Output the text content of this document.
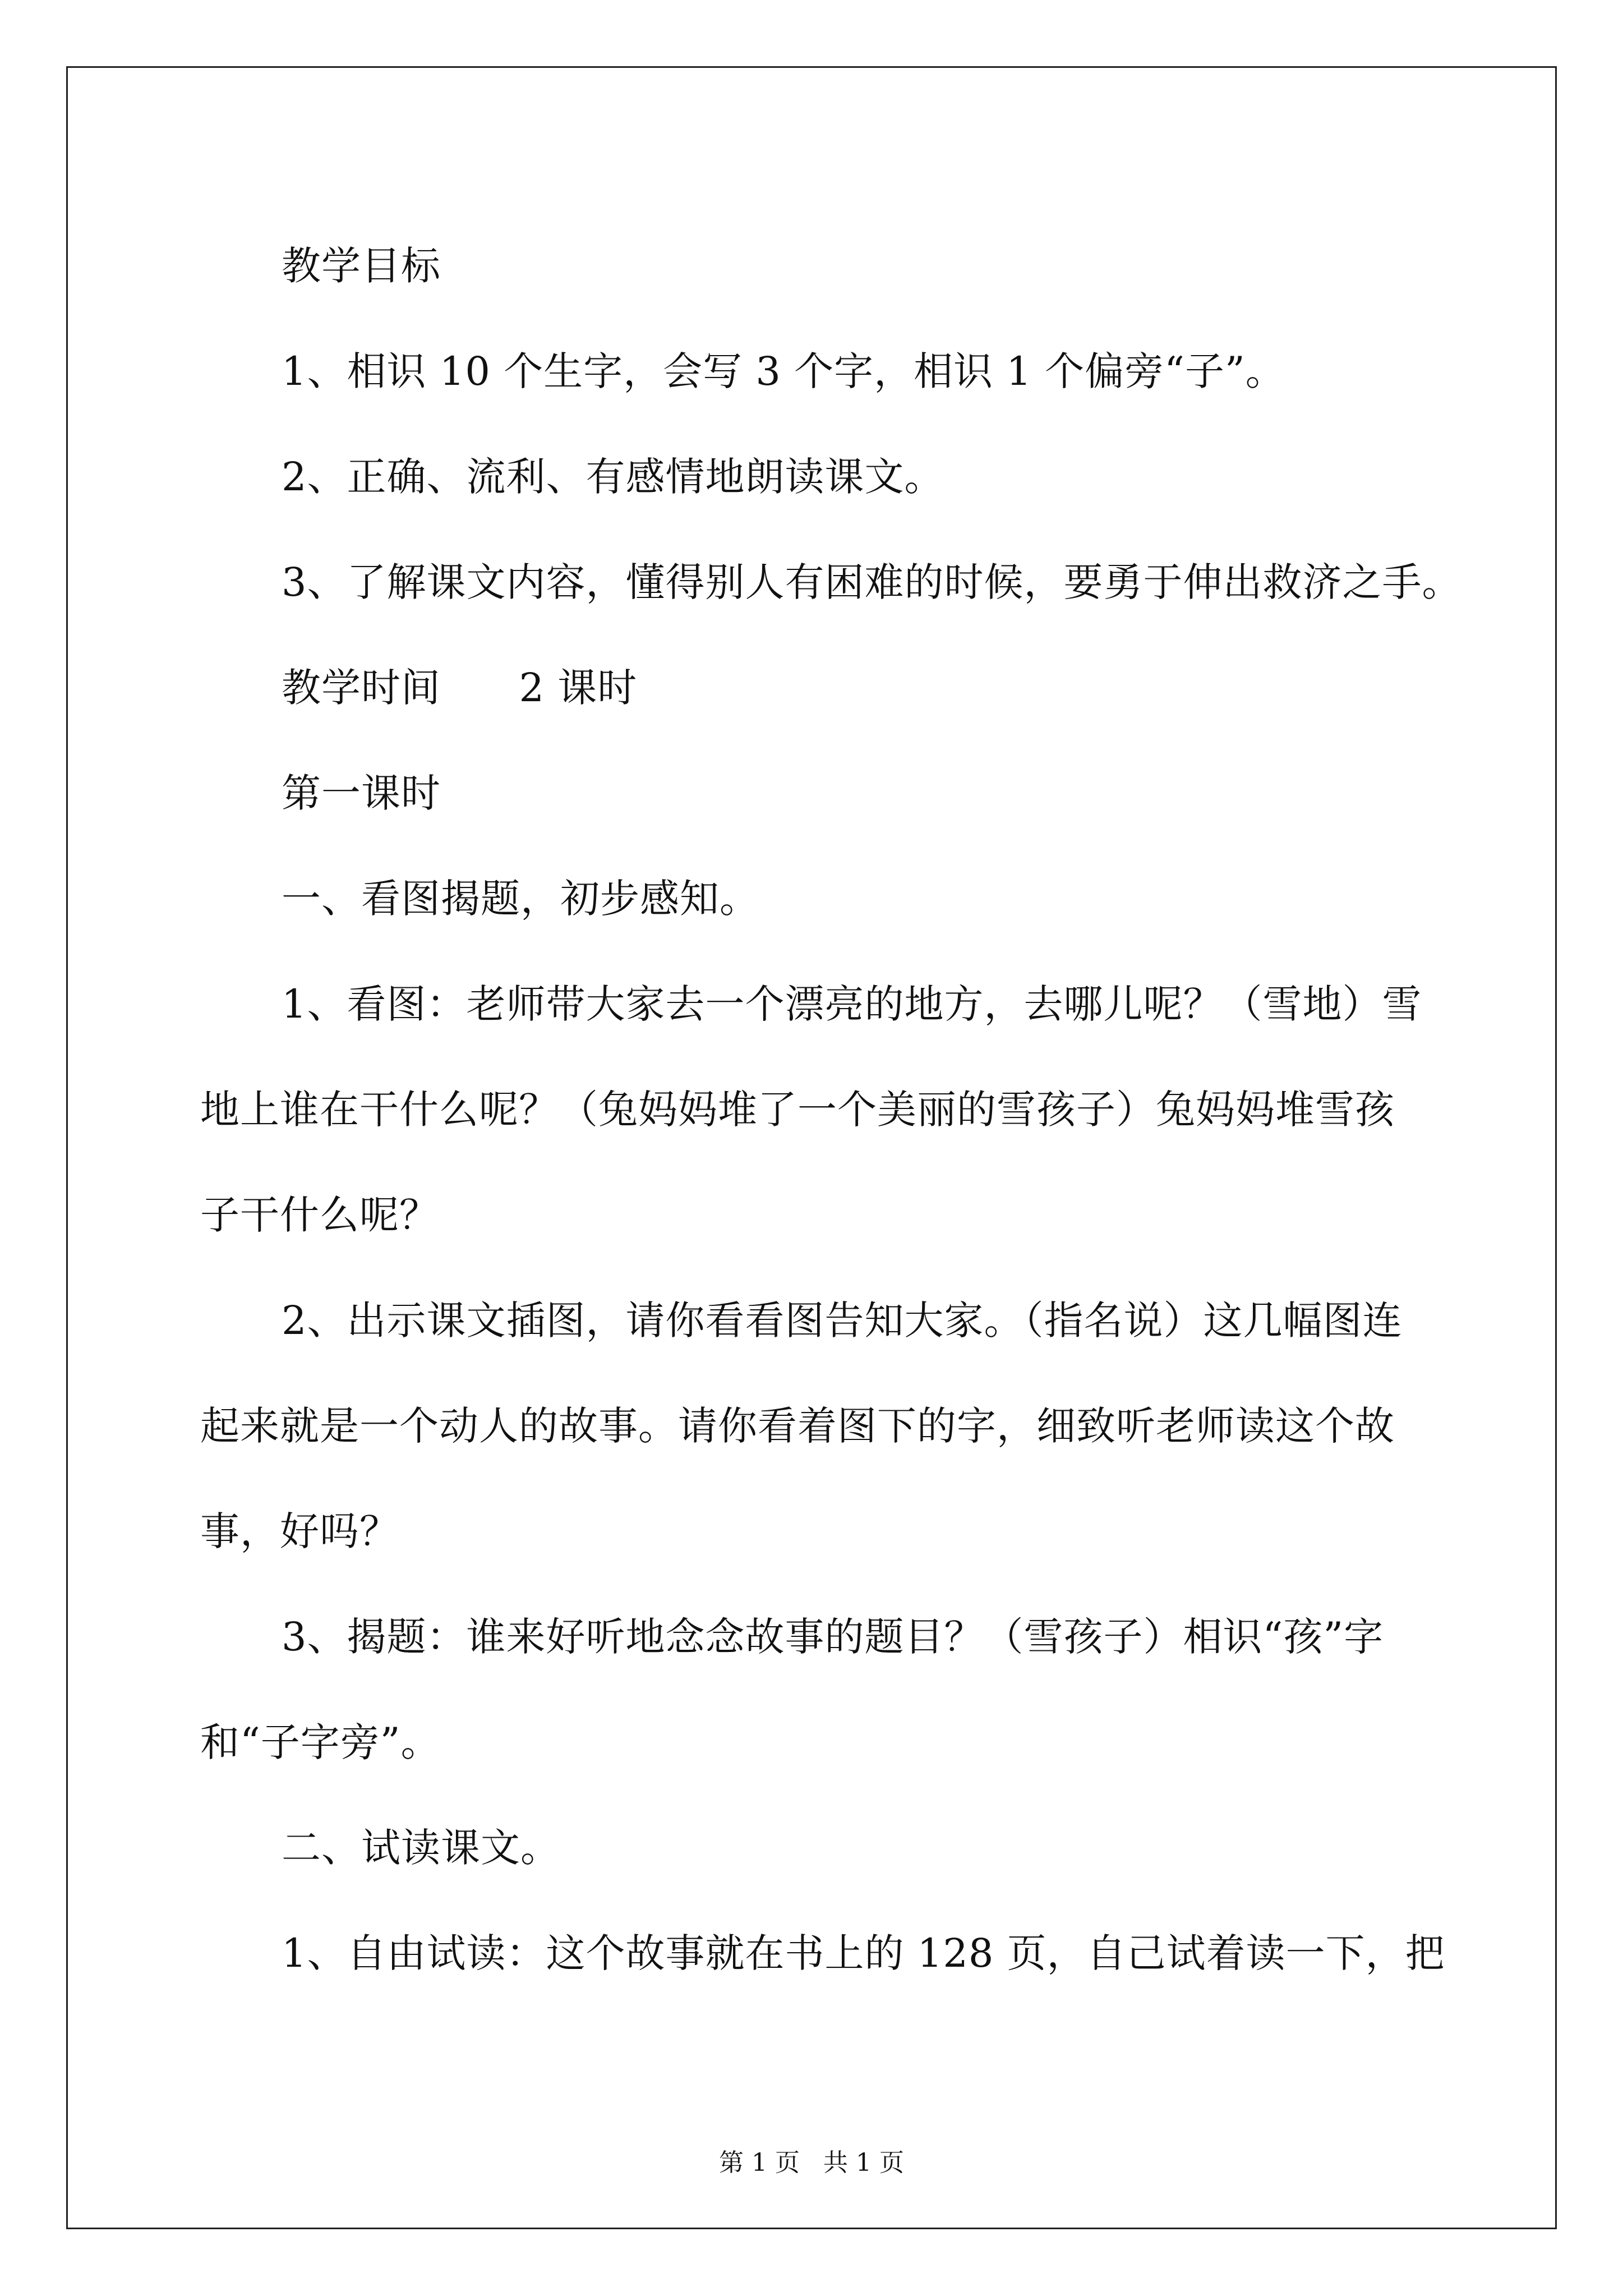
教学目标
1、相识 10 个生字，会写 3 个字，相识 1 个偏旁“子”。
2、正确、流利、有感情地朗读课文。
3、了解课文内容，懂得别人有困难的时候，要勇于伸出救济之手。
教学时间      2 课时
第一课时
一、看图揭题，初步感知。
1、看图：老师带大家去一个漂亮的地方，去哪儿呢？（雪地）雪
地上谁在干什么呢？（兔妈妈堆了一个美丽的雪孩子）兔妈妈堆雪孩
子干什么呢？
2、出示课文插图，请你看看图告知大家。（指名说）这几幅图连
起来就是一个动人的故事。请你看着图下的字，细致听老师读这个故
事，好吗？
3、揭题：谁来好听地念念故事的题目？（雪孩子）相识“孩”字
和“子字旁”。
二、试读课文。
1、自由试读：这个故事就在书上的 128 页，自己试着读一下，把
第 1 页   共 1 页
